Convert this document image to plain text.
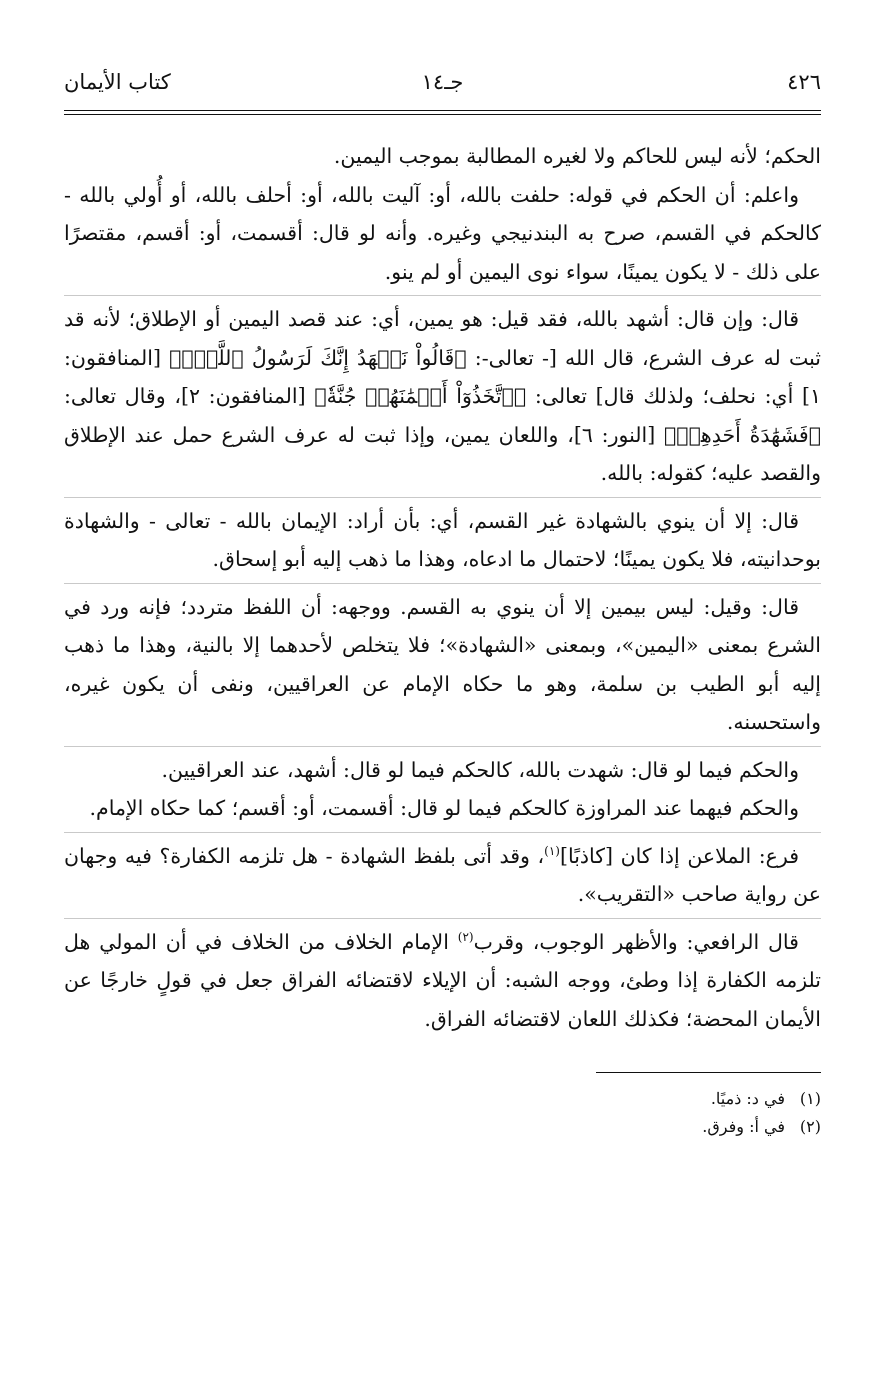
٤٢٦
جـ١٤
كتاب الأيمان

الحكم؛ لأنه ليس للحاكم ولا لغيره المطالبة بموجب اليمين.

واعلم: أن الحكم في قوله: حلفت بالله، أو: آليت بالله، أو: أحلف بالله، أو أُولي بالله - كالحكم في القسم، صرح به البندنيجي وغيره. وأنه لو قال: أقسمت، أو: أقسم، مقتصرًا على ذلك - لا يكون يمينًا، سواء نوى اليمين أو لم ينو.

قال: وإن قال: أشهد بالله، فقد قيل: هو يمين، أي: عند قصد اليمين أو الإطلاق؛ لأنه قد ثبت له عرف الشرع، قال الله [- تعالى-: ﴿قَالُواْ نَشۡهَدُ إِنَّكَ لَرَسُولُ ٱللَّهِۗ﴾ [المنافقون: ١] أي: نحلف؛ ولذلك قال] تعالى: ﴿ٱتَّخَذُوٓاْ أَيۡمَٰنَهُمۡ جُنَّةٗ﴾ [المنافقون: ٢]، وقال تعالى: ﴿فَشَهَٰدَةُ أَحَدِهِمۡ﴾ [النور: ٦]، واللعان يمين، وإذا ثبت له عرف الشرع حمل عند الإطلاق والقصد عليه؛ كقوله: بالله.

قال: إلا أن ينوي بالشهادة غير القسم، أي: بأن أراد: الإيمان بالله - تعالى - والشهادة بوحدانيته، فلا يكون يمينًا؛ لاحتمال ما ادعاه، وهذا ما ذهب إليه أبو إسحاق.

قال: وقيل: ليس بيمين إلا أن ينوي به القسم. ووجهه: أن اللفظ متردد؛ فإنه ورد في الشرع بمعنى «اليمين»، وبمعنى «الشهادة»؛ فلا يتخلص لأحدهما إلا بالنية، وهذا ما ذهب إليه أبو الطيب بن سلمة، وهو ما حكاه الإمام عن العراقيين، ونفى أن يكون غيره، واستحسنه.

والحكم فيما لو قال: شهدت بالله، كالحكم فيما لو قال: أشهد، عند العراقيين.

والحكم فيهما عند المراوزة كالحكم فيما لو قال: أقسمت، أو: أقسم؛ كما حكاه الإمام.

فرع: الملاعن إذا كان [كاذبًا]$^{(١)}$، وقد أتى بلفظ الشهادة - هل تلزمه الكفارة؟ فيه وجهان عن رواية صاحب «التقريب».

قال الرافعي: والأظهر الوجوب، وقرب$^{(٢)}$ الإمام الخلاف من الخلاف في أن المولي هل تلزمه الكفارة إذا وطئ، ووجه الشبه: أن الإيلاء لاقتضائه الفراق جعل في قولٍ خارجًا عن الأيمان المحضة؛ فكذلك اللعان لاقتضائه الفراق.

(١)في د: ذميًا.

(٢)في أ: وفرق.
